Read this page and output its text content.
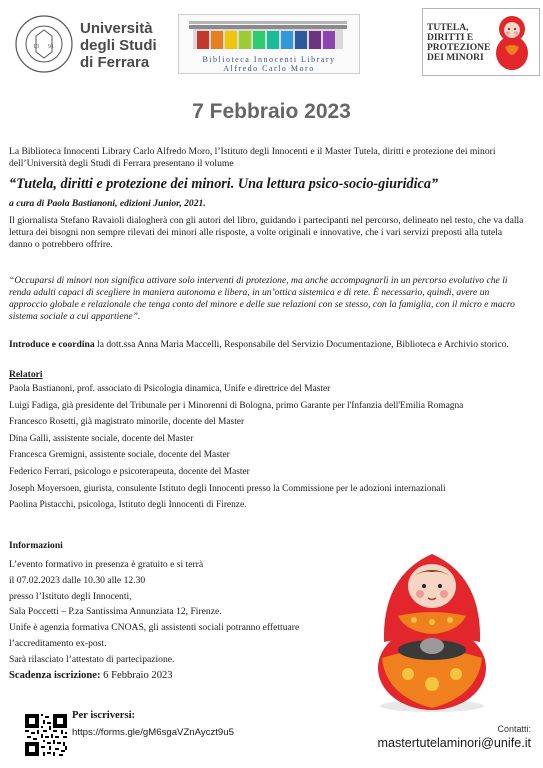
13 91
Università
degli Studi
di Ferrara	Biblioteca Innocenti Library
Alfredo Carlo Moro
TUTELA,
DIRITTI E
PROTEZIONE
DEI MINORI
7 Febbraio 2023
La Biblioteca Innocenti Library Carlo Alfredo Moro, l’Istituto degli Innocenti e il Master Tutela, diritti e protezione dei minori dell’Università degli Studi di Ferrara presentano il volume
“Tutela, diritti e protezione dei minori. Una lettura psico-socio-giuridica”
a cura di Paola Bastianoni, edizioni Junior, 2021.
Il giornalista Stefano Ravaioli dialogherà con gli autori del libro, guidando i partecipanti nel percorso, delineato nel testo, che va dalla lettura dei bisogni non sempre rilevati dei minori alle risposte, a volte originali e innovative, che i vari servizi preposti alla tutela danno o potrebbero offrire.
“Occuparsi di minori non significa attivare solo interventi di protezione, ma anche accompagnarli in un percorso evolutivo che li renda adulti capaci di scegliere in maniera autonoma e libera, in un’ottica sistemica e di rete. È necessario, quindi, avere un approccio globale e relazionale che tenga conto del minore e delle sue relazioni con se stesso, con la famiglia, con il micro e macro sistema sociale a cui appartiene”.
Introduce e coordina la dott.ssa Anna Maria Maccelli, Responsabile del Servizio Documentazione, Biblioteca e Archivio storico.
Relatori
Paola Bastianoni, prof. associato di Psicologia dinamica, Unife e direttrice del Master
Luigi Fadiga, già presidente del Tribunale per i Minorenni di Bologna, primo Garante per l'Infanzia dell'Emilia Romagna
Francesco Rosetti, già magistrato minorile, docente del Master
Dina Galli, assistente sociale, docente del Master
Francesca Gremigni, assistente sociale, docente del Master
Federico Ferrari, psicologo e psicoterapeuta, docente del Master
Joseph Moyersoen, giurista, consulente Istituto degli Innocenti presso la Commissione per le adozioni internazionali
Paolina Pistacchi, psicologa, Istituto degli Innocenti di Firenze.
Informazioni
L’evento formativo in presenza è gratuito e si terrà
il 07.02.2023 dalle 10.30 alle 12.30
presso l’Istituto degli Innocenti,
Sala Poccetti – P.za Santissima Annunziata 12, Firenze.
Unife è agenzia formativa CNOAS, gli assistenti sociali potranno effettuare
l’accreditamento ex-post.
Sarà rilasciato l’attestato di partecipazione.
Scadenza iscrizione: 6 Febbraio 2023
Per iscriversi:
https://forms.gle/gM6sgaVZnAyczt9u5	Contatti:
mastertutelaminori@unife.it
